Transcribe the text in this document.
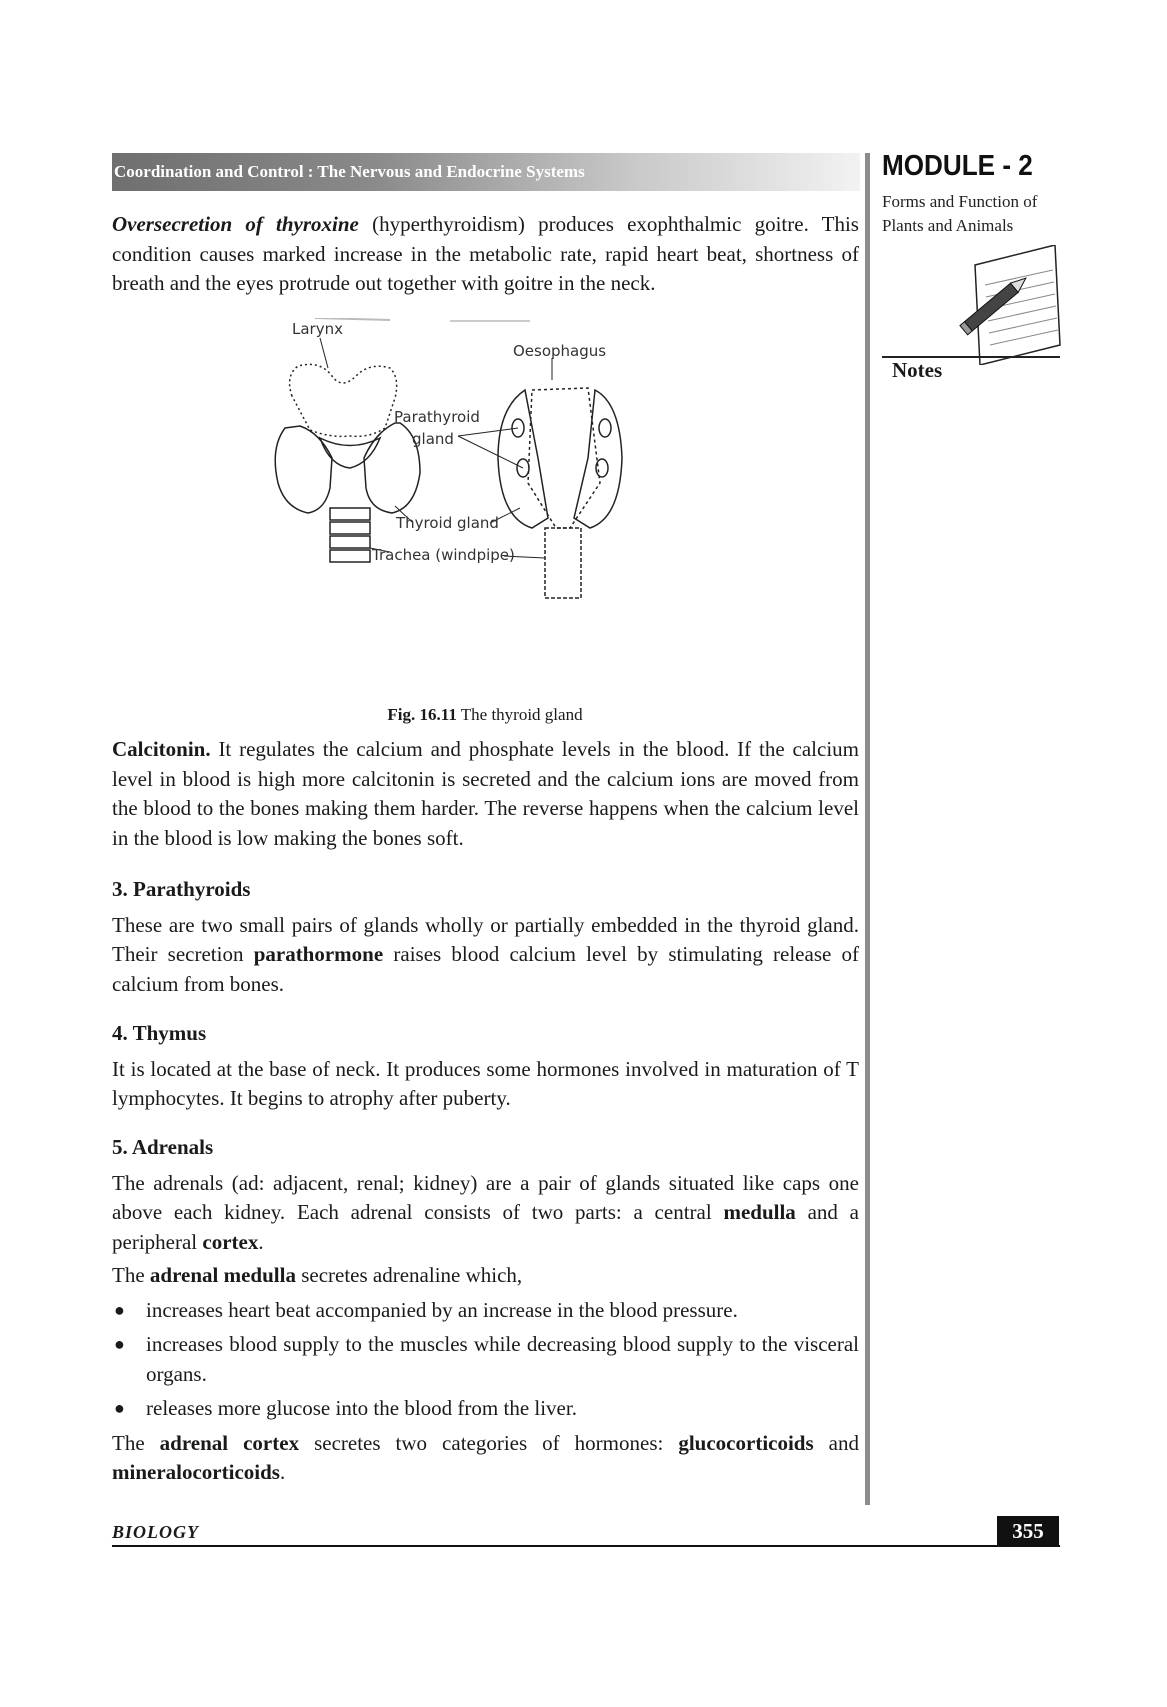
Coordination and Control : The Nervous and Endocrine Systems	MODULE - 2
Forms and Function of
Plants and Animals
Notes

Oversecretion of thyroxine (hyperthyroidism) produces exophthalmic goitre. This condition causes marked increase in the metabolic rate, rapid heart beat, shortness of breath and the eyes protrude out together with goitre in the neck.

Larynx
Oesophagus
Parathyroid
gland
Thyroid gland
Trachea (windpipe)
Fig. 16.11 The thyroid gland

Calcitonin. It regulates the calcium and phosphate levels in the blood. If the calcium level in blood is high more calcitonin is secreted and the calcium ions are moved from the blood to the bones making them harder. The reverse happens when the calcium level in the blood is low making the bones soft.

3. Parathyroids

These are two small pairs of glands wholly or partially embedded in the thyroid gland. Their secretion parathormone raises blood calcium level by stimulating release of calcium from bones.

4. Thymus

It is located at the base of neck. It produces some hormones involved in maturation of T lymphocytes. It begins to atrophy after puberty.

5. Adrenals

The adrenals (ad: adjacent, renal; kidney) are a pair of glands situated like caps one above each kidney. Each adrenal consists of two parts: a central medulla and a peripheral cortex.

The adrenal medulla secretes adrenaline which,

● increases heart beat accompanied by an increase in the blood pressure.

● increases blood supply to the muscles while decreasing blood supply to the visceral organs.

● releases more glucose into the blood from the liver.

The adrenal cortex secretes two categories of hormones: glucocorticoids and mineralocorticoids.

BIOLOGY	355
